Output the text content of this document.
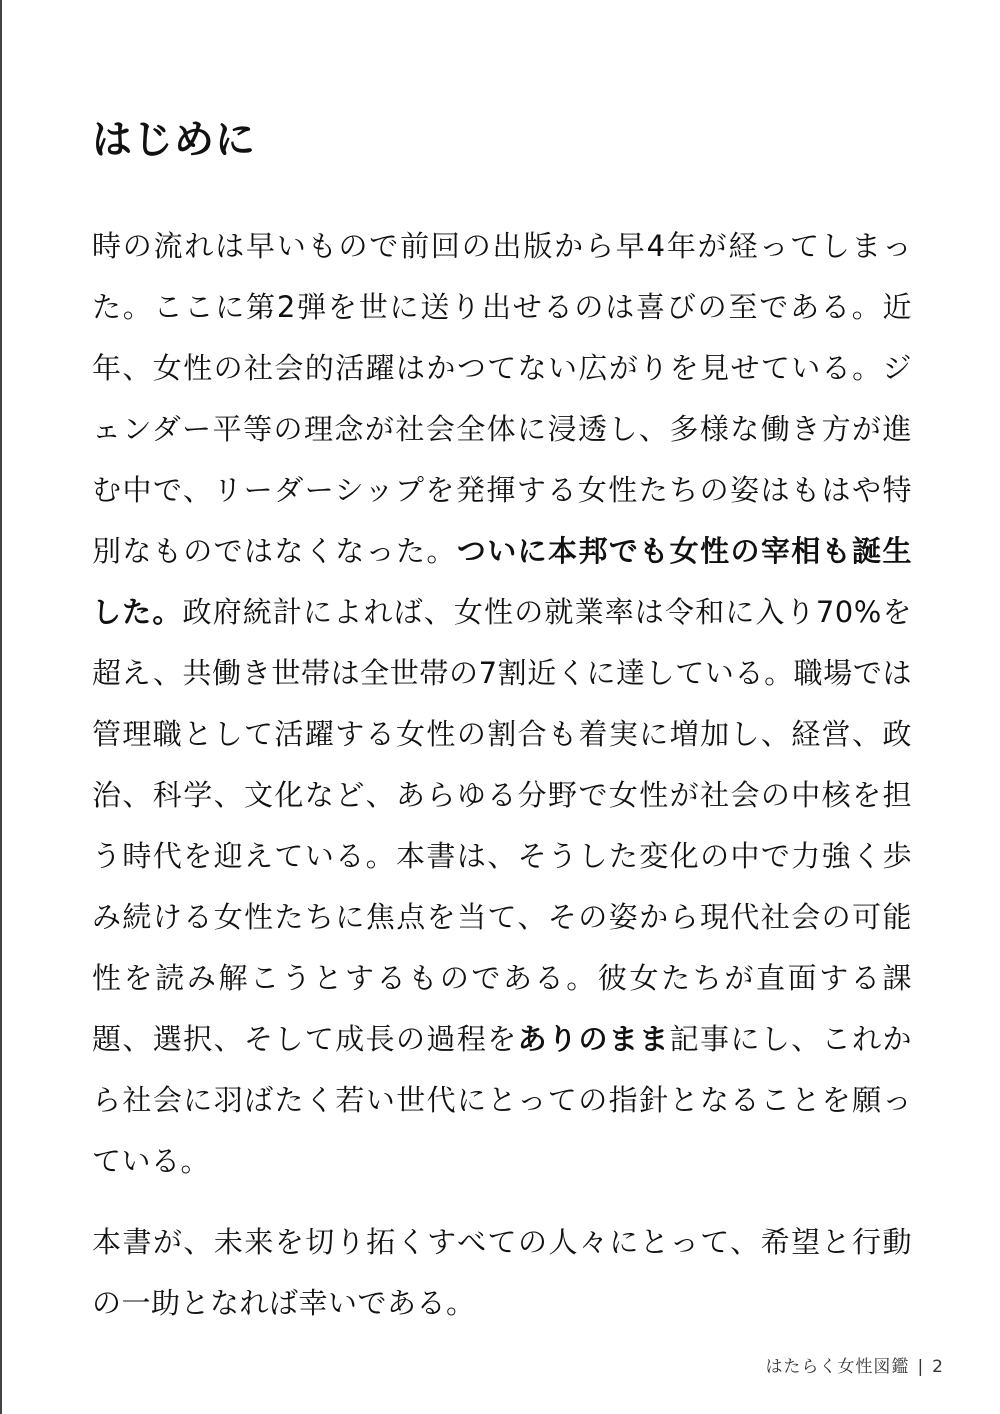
はじめに

時の流れは早いもので前回の出版から早4年が経ってしまった。ここに第2弾を世に送り出せるのは喜びの至である。近年、女性の社会的活躍はかつてない広がりを見せている。ジェンダー平等の理念が社会全体に浸透し、多様な働き方が進む中で、リーダーシップを発揮する女性たちの姿はもはや特別なものではなくなった。ついに本邦でも女性の宰相も誕生した。政府統計によれば、女性の就業率は令和に入り70%を超え、共働き世帯は全世帯の7割近くに達している。職場では管理職として活躍する女性の割合も着実に増加し、経営、政治、科学、文化など、あらゆる分野で女性が社会の中核を担う時代を迎えている。本書は、そうした変化の中で力強く歩み続ける女性たちに焦点を当て、その姿から現代社会の可能性を読み解こうとするものである。彼女たちが直面する課題、選択、そして成長の過程をありのまま記事にし、これから社会に羽ばたく若い世代にとっての指針となることを願っている。

本書が、未来を切り拓くすべての人々にとって、希望と行動の一助となれば幸いである。

はたらく女性図鑑 | 2
